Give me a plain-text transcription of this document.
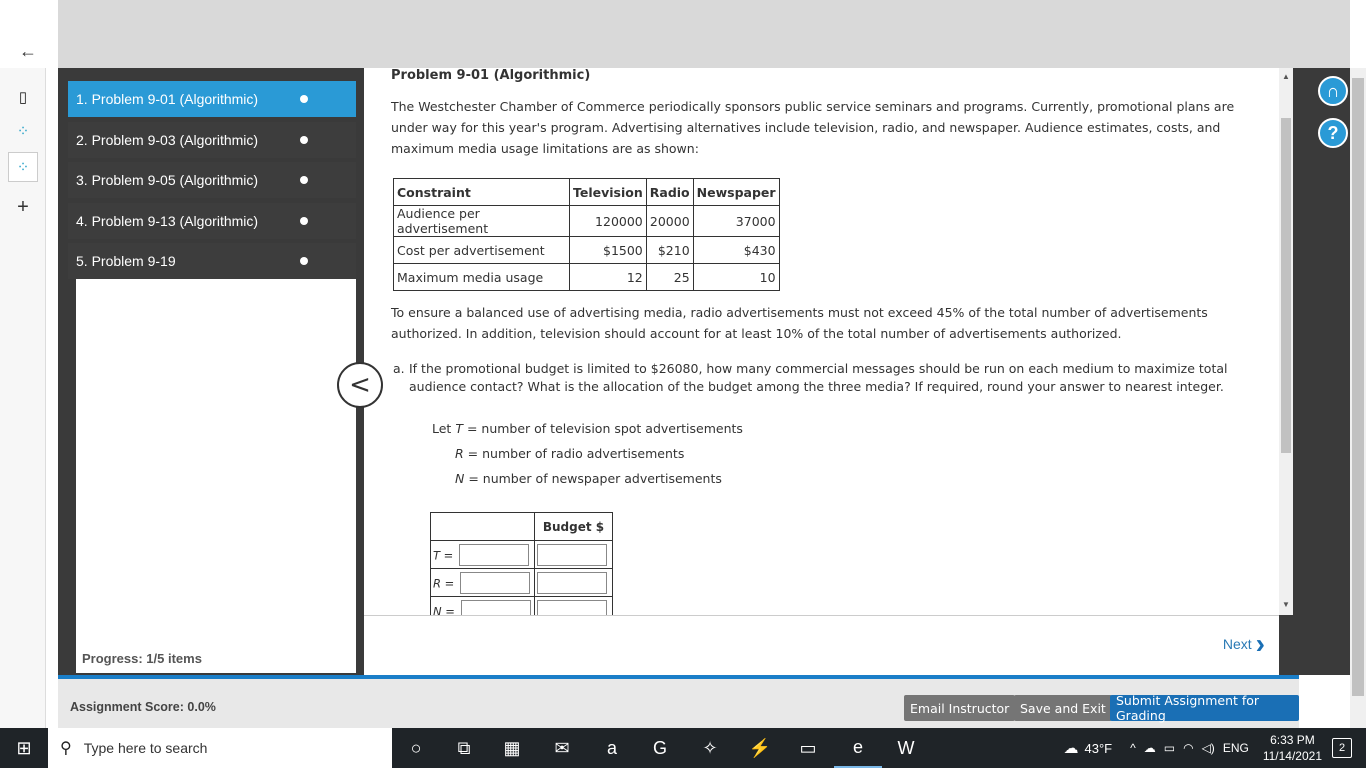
←
▯
⁘
⁘
+
1. Problem 9-01 (Algorithmic)
2. Problem 9-03 (Algorithmic)
3. Problem 9-05 (Algorithmic)
4. Problem 9-13 (Algorithmic)
5. Problem 9-19
Progress: 1/5 items
Problem 9-01 (Algorithmic)
The Westchester Chamber of Commerce periodically sponsors public service seminars and programs. Currently, promotional plans are under way for this year's program. Advertising alternatives include television, radio, and newspaper. Audience estimates, costs, and maximum media usage limitations are as shown:
Constraint	Television	Radio	Newspaper
Audience per advertisement	120000	20000	37000
Cost per advertisement	$1500	$210	$430
Maximum media usage	12	25	10
To ensure a balanced use of advertising media, radio advertisements must not exceed 45% of the total number of advertisements authorized. In addition, television should account for at least 10% of the total number of advertisements authorized.
a. If the promotional budget is limited to $26080, how many commercial messages should be run on each medium to maximize total audience contact? What is the allocation of the budget among the three media? If required, round your answer to nearest integer.
Let T = number of television spot advertisements
R = number of radio advertisements
N = number of newspaper advertisements
	Budget $
T =	
R =	
N =	
<
Next ›
▲
▼
∩
?
Assignment Score: 0.0%	Email Instructor Save and Exit Submit Assignment for Grading
⊞	⚲ Type here to search	○	⧉	▦	✉	a	G	✧	⚡	▭	e	W	☁ 43°F ^ ☁ ▭ ◠ ◁) ENG
6:33 PM
11/14/2021
2
